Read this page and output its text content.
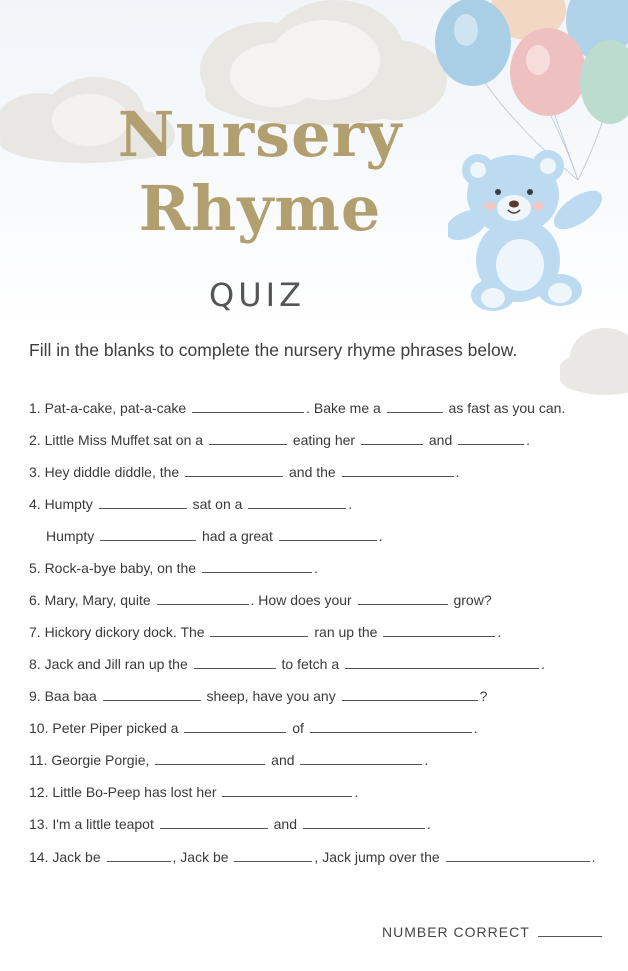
Nursery
Rhyme
QUIZ
Fill in the blanks to complete the nursery rhyme phrases below.
1. Pat-a-cake, pat-a-cake	. Bake me a	as fast as you can.
2. Little Miss Muffet sat on a	eating her	and	.
3. Hey diddle diddle, the	and the	.
4. Humpty	sat on a	.
Humpty	had a great	.
5. Rock-a-bye baby, on the	.
6. Mary, Mary, quite	. How does your	grow?
7. Hickory dickory dock. The	ran up the	.
8. Jack and Jill ran up the	to fetch a	.
9. Baa baa	sheep, have you any	?
10. Peter Piper picked a	of	.
11. Georgie Porgie,	and	.
12. Little Bo-Peep has lost her	.
13. I'm a little teapot	and	.
14. Jack be	, Jack be	, Jack jump over the	.
NUMBER CORRECT
